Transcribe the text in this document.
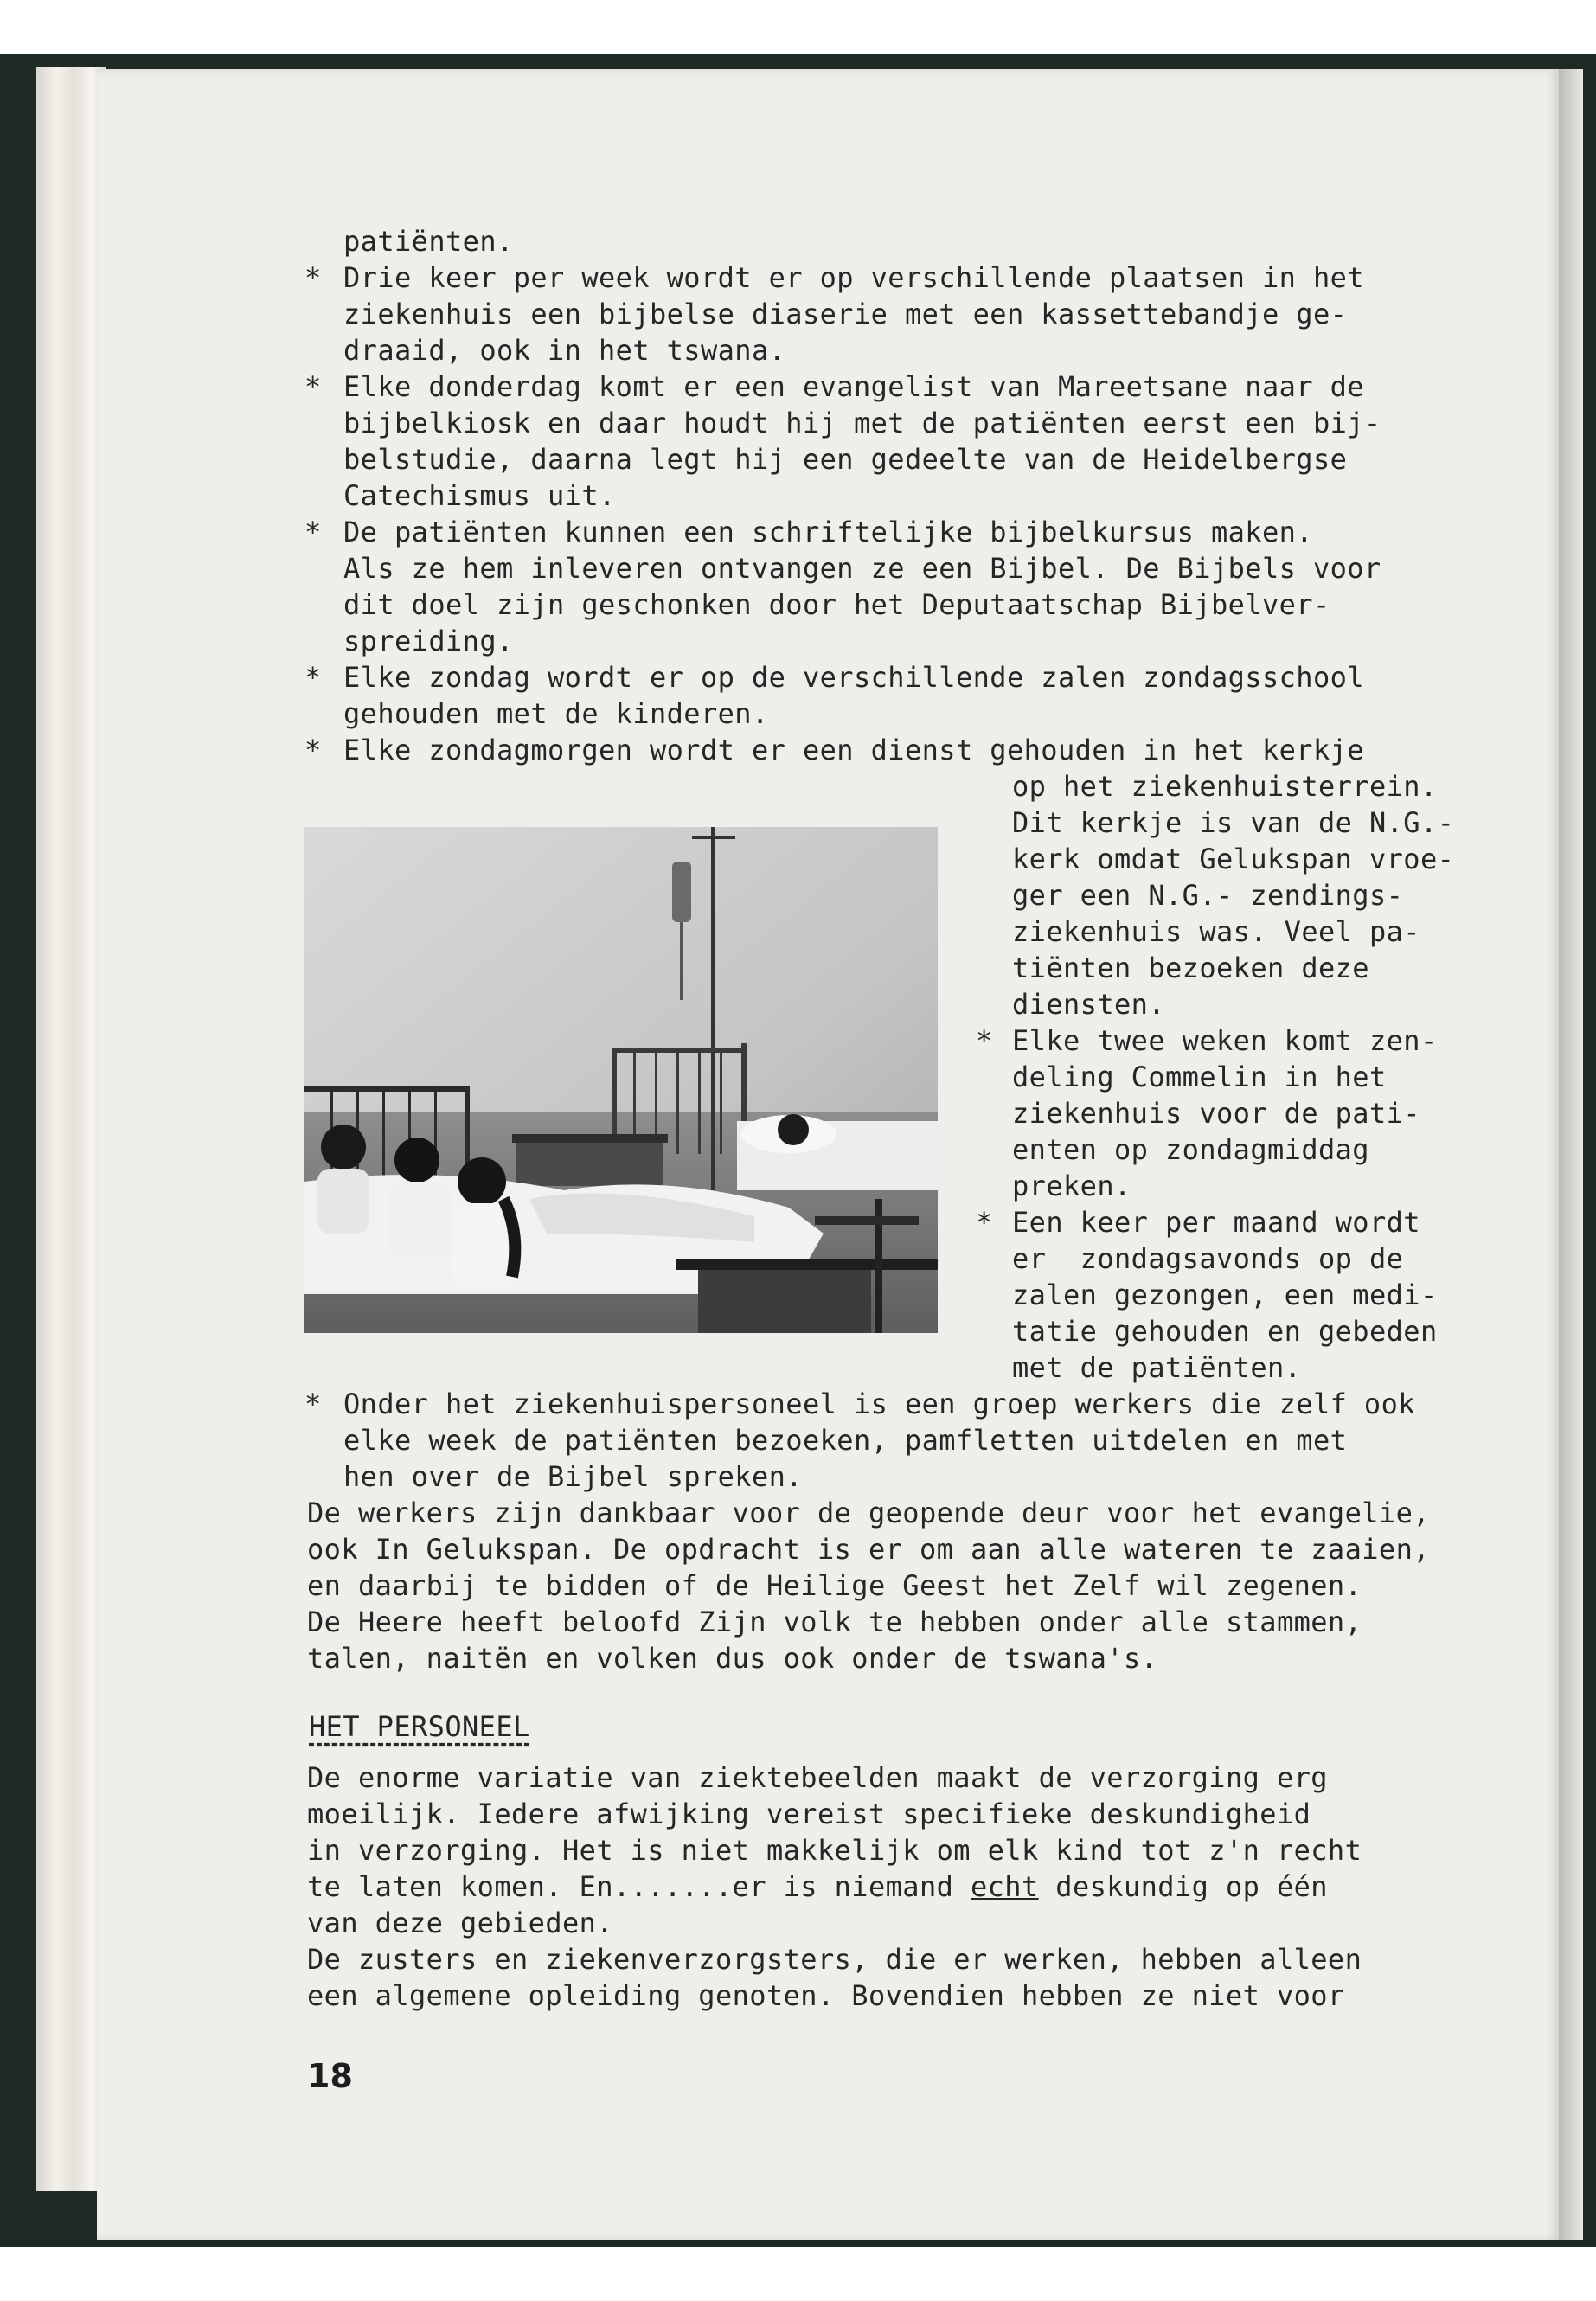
patiënten.
* Drie keer per week wordt er op verschillende plaatsen in het
ziekenhuis een bijbelse diaserie met een kassettebandje ge-
draaid, ook in het tswana.
* Elke donderdag komt er een evangelist van Mareetsane naar de
bijbelkiosk en daar houdt hij met de patiënten eerst een bij-
belstudie, daarna legt hij een gedeelte van de Heidelbergse
Catechismus uit.
* De patiënten kunnen een schriftelijke bijbelkursus maken.
Als ze hem inleveren ontvangen ze een Bijbel. De Bijbels voor
dit doel zijn geschonken door het Deputaatschap Bijbelver-
spreiding.
* Elke zondag wordt er op de verschillende zalen zondagsschool
gehouden met de kinderen.
* Elke zondagmorgen wordt er een dienst gehouden in het kerkje
op het ziekenhuisterrein.
Dit kerkje is van de N.G.-
kerk omdat Gelukspan vroe-
ger een N.G.- zendings-
ziekenhuis was. Veel pa-
tiënten bezoeken deze
diensten.
* Elke twee weken komt zen-
deling Commelin in het
ziekenhuis voor de pati-
enten op zondagmiddag
preken.
* Een keer per maand wordt
er  zondagsavonds op de
zalen gezongen, een medi-
tatie gehouden en gebeden
met de patiënten.
* Onder het ziekenhuispersoneel is een groep werkers die zelf ook
elke week de patiënten bezoeken, pamfletten uitdelen en met
hen over de Bijbel spreken.
De werkers zijn dankbaar voor de geopende deur voor het evangelie,
ook In Gelukspan. De opdracht is er om aan alle wateren te zaaien,
en daarbij te bidden of de Heilige Geest het Zelf wil zegenen.
De Heere heeft beloofd Zijn volk te hebben onder alle stammen,
talen, naitën en volken dus ook onder de tswana's.
HET PERSONEEL
De enorme variatie van ziektebeelden maakt de verzorging erg
moeilijk. Iedere afwijking vereist specifieke deskundigheid
in verzorging. Het is niet makkelijk om elk kind tot z'n recht
te laten komen. En.......er is niemand echt deskundig op één
van deze gebieden.
De zusters en ziekenverzorgsters, die er werken, hebben alleen
een algemene opleiding genoten. Bovendien hebben ze niet voor
18
